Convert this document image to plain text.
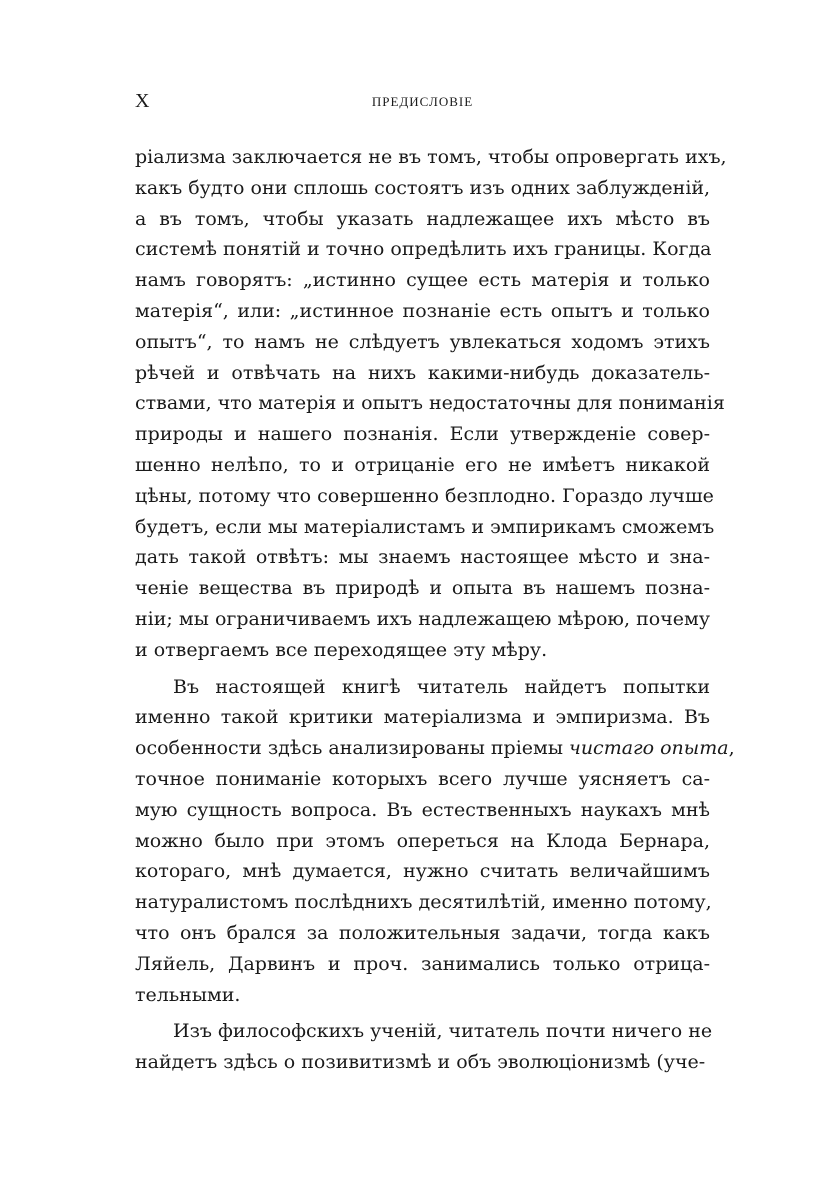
X	ПРЕДИСЛОВІЕ
ріализма заключается не въ томъ, чтобы опровергать ихъ,
какъ будто они сплошь состоятъ изъ одних заблужденій,
а въ томъ, чтобы указать надлежащее ихъ мѣсто въ
системѣ понятій и точно опредѣлить ихъ границы. Когда
намъ говорятъ: „истинно сущее есть матерія и только
матерія“, или: „истинное познаніе есть опытъ и только
опытъ“, то намъ не слѣдуетъ увлекаться ходомъ этихъ
рѣчей и отвѣчать на нихъ какими-нибудь доказатель-
ствами, что матерія и опытъ недостаточны для пониманія
природы и нашего познанія. Если утвержденіе совер-
шенно нелѣпо, то и отрицаніе его не имѣетъ никакой
цѣны, потому что совершенно безплодно. Гораздо лучше
будетъ, если мы матеріалистамъ и эмпирикамъ сможемъ
дать такой отвѣтъ: мы знаемъ настоящее мѣсто и зна-
ченіе вещества въ природѣ и опыта въ нашемъ позна-
ніи; мы ограничиваемъ ихъ надлежащею мѣрою, почему
и отвергаемъ все переходящее эту мѣру.
Въ настоящей книгѣ читатель найдетъ попытки
именно такой критики матеріализма и эмпиризма. Въ
особенности здѣсь анализированы пріемы чистаго опыта,
точное пониманіе которыхъ всего лучше уясняетъ са-
мую сущность вопроса. Въ естественныхъ наукахъ мнѣ
можно было при этомъ опереться на Клода Бернара,
котораго, мнѣ думается, нужно считать величайшимъ
натуралистомъ послѣднихъ десятилѣтій, именно потому,
что онъ брался за положительныя задачи, тогда какъ
Ляйель, Дарвинъ и проч. занимались только отрица-
тельными.
Изъ философскихъ ученій, читатель почти ничего не
найдетъ здѣсь о позивитизмѣ и объ эволюціонизмѣ (уче-
